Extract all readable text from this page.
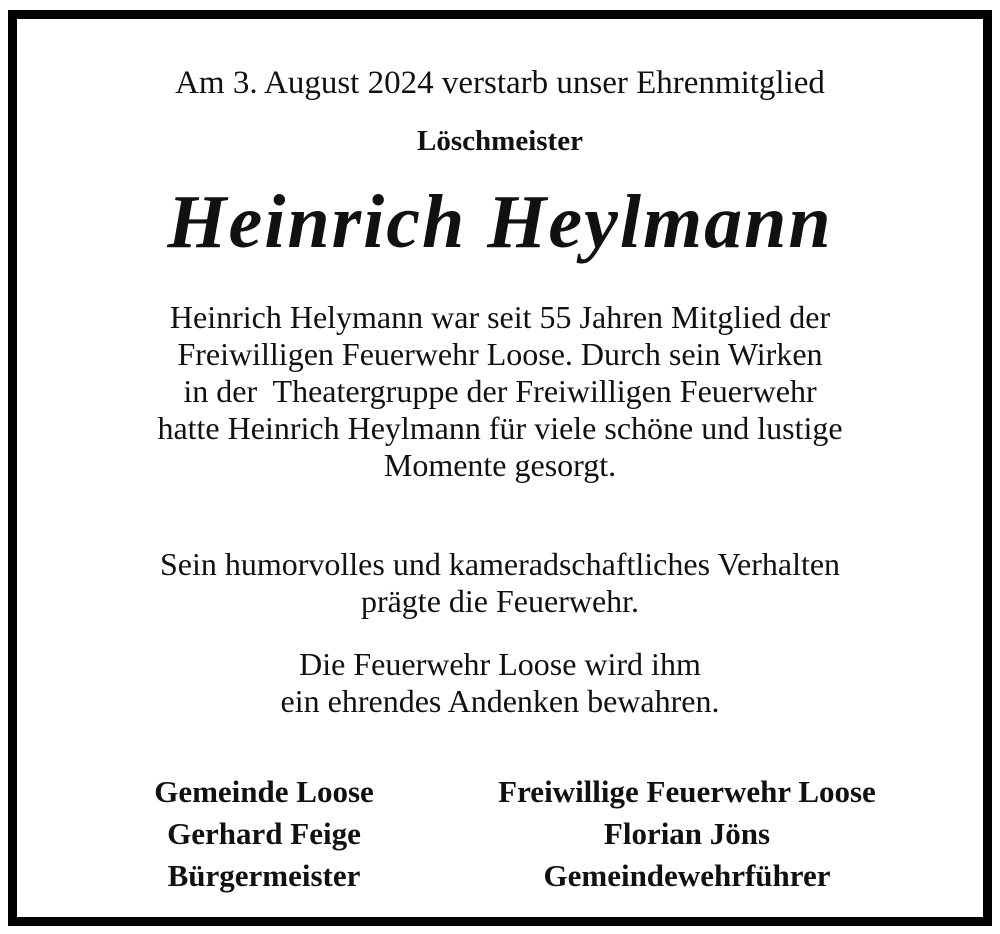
Am 3. August 2024 verstarb unser Ehrenmitglied
Löschmeister
Heinrich Heylmann
Heinrich Helymann war seit 55 Jahren Mitglied der
Freiwilligen Feuerwehr Loose. Durch sein Wirken
in der  Theatergruppe der Freiwilligen Feuerwehr
hatte Heinrich Heylmann für viele schöne und lustige
Momente gesorgt.
Sein humorvolles und kameradschaftliches Verhalten
prägte die Feuerwehr.
Die Feuerwehr Loose wird ihm
ein ehrendes Andenken bewahren.
Gemeinde Loose
Gerhard Feige
Bürgermeister
Freiwillige Feuerwehr Loose
Florian Jöns
Gemeindewehrführer
